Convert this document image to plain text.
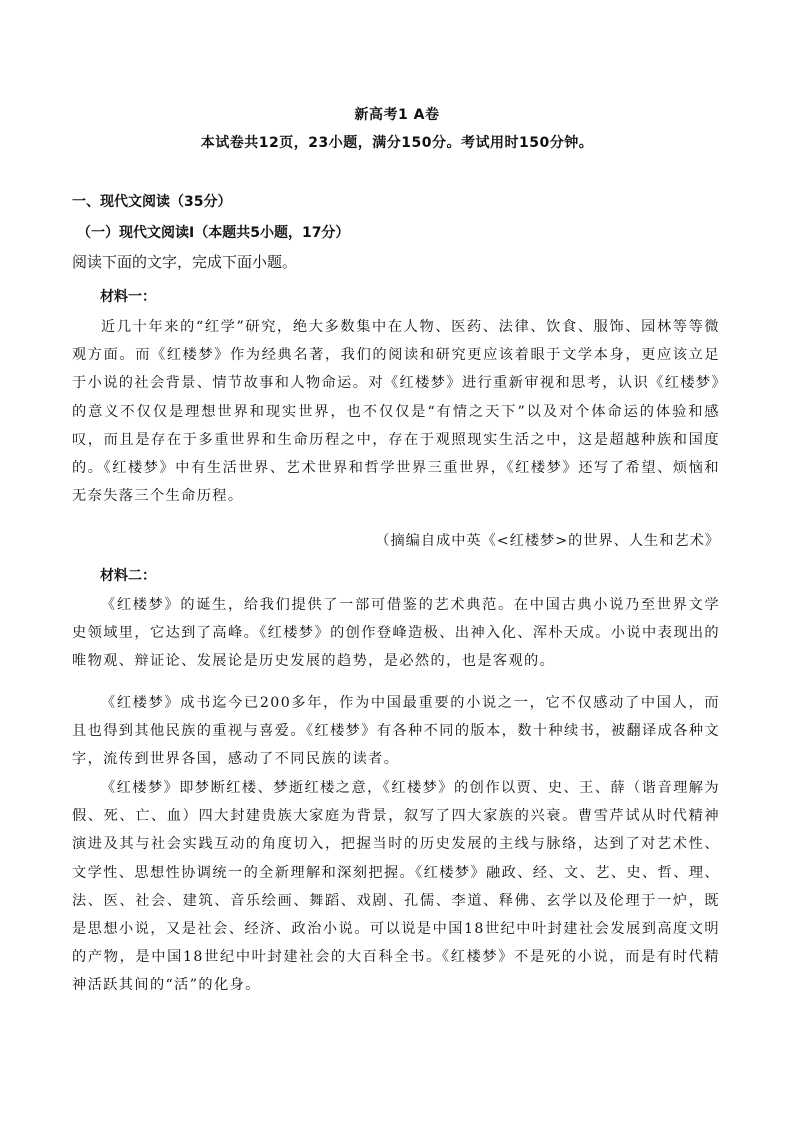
新高考1 A卷
本试卷共12页，23小题，满分150分。考试用时150分钟。
一、现代文阅读（35分）
（一）现代文阅读Ⅰ（本题共5小题，17分）
阅读下面的文字，完成下面小题。
材料一：
近几十年来的“红学”研究，绝大多数集中在人物、医药、法律、饮食、服饰、园林等等微观方面。而《红楼梦》作为经典名著，我们的阅读和研究更应该着眼于文学本身，更应该立足于小说的社会背景、情节故事和人物命运。对《红楼梦》进行重新审视和思考，认识《红楼梦》的意义不仅仅是理想世界和现实世界，也不仅仅是“有情之天下”以及对个体命运的体验和感叹，而且是存在于多重世界和生命历程之中，存在于观照现实生活之中，这是超越种族和国度的。《红楼梦》中有生活世界、艺术世界和哲学世界三重世界，《红楼梦》还写了希望、烦恼和无奈失落三个生命历程。
（摘编自成中英《<红楼梦>的世界、人生和艺术》
材料二：
《红楼梦》的诞生，给我们提供了一部可借鉴的艺术典范。在中国古典小说乃至世界文学史领域里，它达到了高峰。《红楼梦》的创作登峰造极、出神入化、浑朴天成。小说中表现出的唯物观、辩证论、发展论是历史发展的趋势，是必然的，也是客观的。
《红楼梦》成书迄今已200多年，作为中国最重要的小说之一，它不仅感动了中国人，而且也得到其他民族的重视与喜爱。《红楼梦》有各种不同的版本，数十种续书，被翻译成各种文字，流传到世界各国，感动了不同民族的读者。
《红楼梦》即梦断红楼、梦逝红楼之意，《红楼梦》的创作以贾、史、王、薛（谐音理解为假、死、亡、血）四大封建贵族大家庭为背景，叙写了四大家族的兴衰。曹雪芹试从时代精神演进及其与社会实践互动的角度切入，把握当时的历史发展的主线与脉络，达到了对艺术性、文学性、思想性协调统一的全新理解和深刻把握。《红楼梦》融政、经、文、艺、史、哲、理、法、医、社会、建筑、音乐绘画、舞蹈、戏剧、孔儒、李道、释佛、玄学以及伦理于一炉，既是思想小说，又是社会、经济、政治小说。可以说是中国18世纪中叶封建社会发展到高度文明的产物，是中国18世纪中叶封建社会的大百科全书。《红楼梦》不是死的小说，而是有时代精神活跃其间的“活”的化身。
